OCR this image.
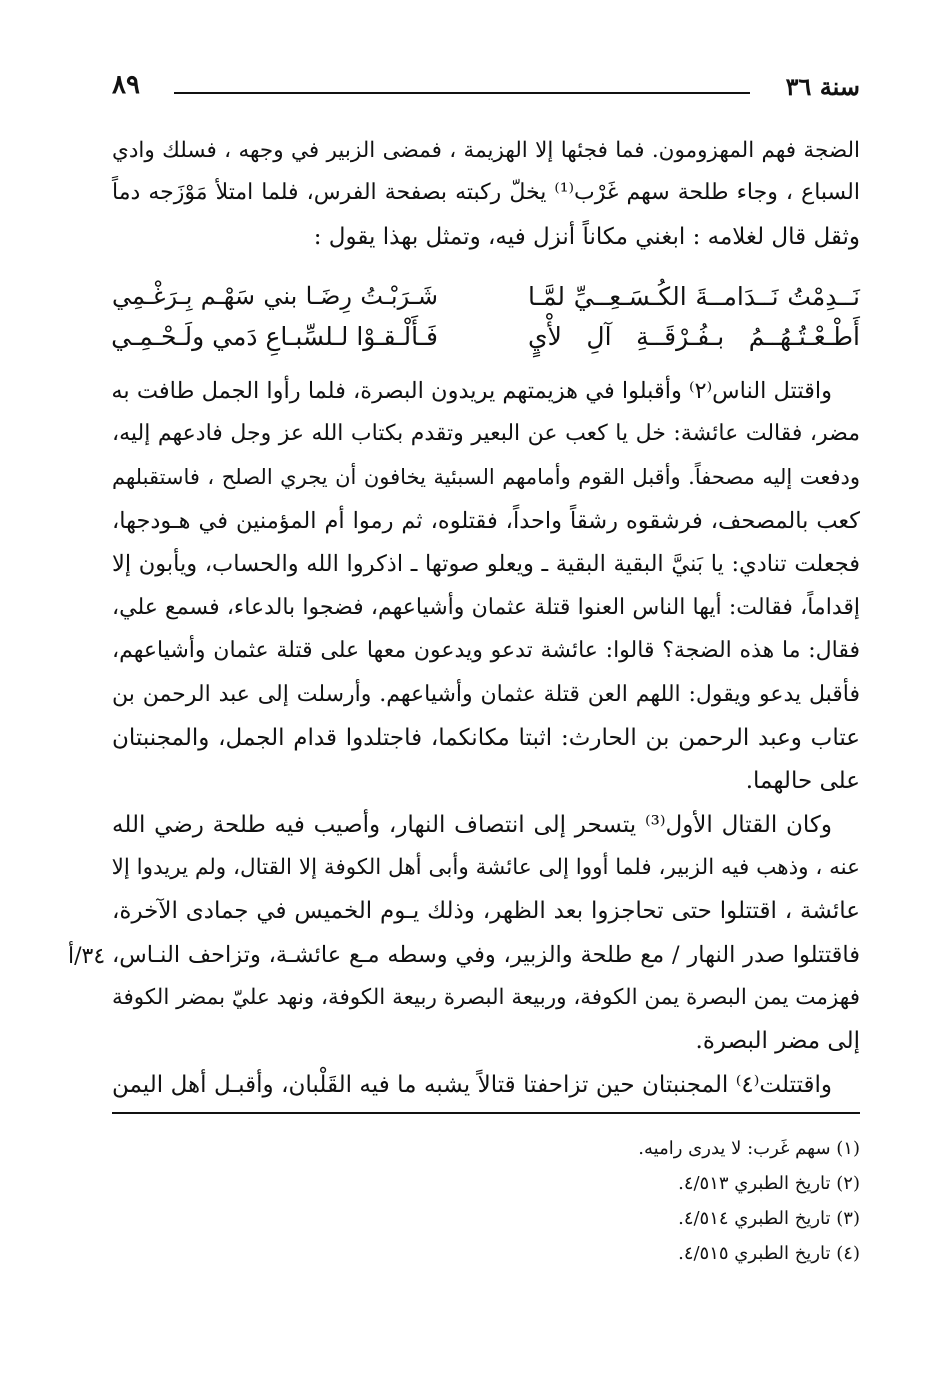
سنة ٣٦
٨٩
الضجة فهم المهزومون. فما فجئها إلا الهزيمة ، فمضى الزبير في وجهه ، فسلك وادي
السباع ، وجاء طلحة سهم غَرْب⁽¹⁾ يخلّ ركبته بصفحة الفرس، فلما امتلأ مَوْزَجه دماً
وثقل قال لغلامه : ابغني مكاناً أنزل فيه، وتمثل بهذا يقول :
نَــدِمْتُ نَــدَامــةَ الكُـسَـعِــيِّ لمَّـا
شَـرَبْـتُ رِضَـا بني سَهْـم بِـرَغْـمِي
أَطْـعْـتُـهُــمُ بـفُـرْقَــةِ آلِ لأْيٍ
فَـأَلْـقـوْا لـلسِّبـاعِ دَمي ولَـحْـمِـي
واقتتل الناس⁽٢⁾ وأقبلوا في هزيمتهم يريدون البصرة، فلما رأوا الجمل طافت به
مضر، فقالت عائشة: خل يا كعب عن البعير وتقدم بكتاب الله عز وجل فادعهم إليه،
ودفعت إليه مصحفاً. وأقبل القوم وأمامهم السبئية يخافون أن يجري الصلح ، فاستقبلهم
كعب بالمصحف، فرشقوه رشقاً واحداً، فقتلوه، ثم رموا أم المؤمنين في هـودجها،
فجعلت تنادي: يا بَنيَّ البقية البقية ـ ويعلو صوتها ـ اذكروا الله والحساب، ويأبون إلا
إقداماً، فقالت: أيها الناس العنوا قتلة عثمان وأشياعهم، فضجوا بالدعاء، فسمع علي،
فقال: ما هذه الضجة؟ قالوا: عائشة تدعو ويدعون معها على قتلة عثمان وأشياعهم،
فأقبل يدعو ويقول: اللهم العن قتلة عثمان وأشياعهم. وأرسلت إلى عبد الرحمن بن
عتاب وعبد الرحمن بن الحارث: اثبتا مكانكما، فاجتلدوا قدام الجمل، والمجنبتان
على حالهما.
وكان القتال الأول⁽³⁾ يتسحر إلى انتصاف النهار، وأصيب فيه طلحة رضي الله
عنه ، وذهب فيه الزبير، فلما أووا إلى عائشة وأبى أهل الكوفة إلا القتال، ولم يريدوا إلا
عائشة ، اقتتلوا حتى تحاجزوا بعد الظهر، وذلك يـوم الخميس في جمادى الآخرة،
فاقتتلوا صدر النهار / مع طلحة والزبير، وفي وسطه مـع عائشـة، وتزاحف النـاس،
فهزمت يمن البصرة يمن الكوفة، وربيعة البصرة ربيعة الكوفة، ونهد عليّ بمضر الكوفة
إلى مضر البصرة.
واقتتلت⁽٤⁾ المجنبتان حين تزاحفتا قتالاً يشبه ما فيه القَلْبان، وأقبـل أهل اليمن
٣٤/أ
(١) سهم غَرب: لا يدرى راميه.
(٢) تاريخ الطبري ٤/٥١٣.
(٣) تاريخ الطبري ٤/٥١٤.
(٤) تاريخ الطبري ٤/٥١٥.
